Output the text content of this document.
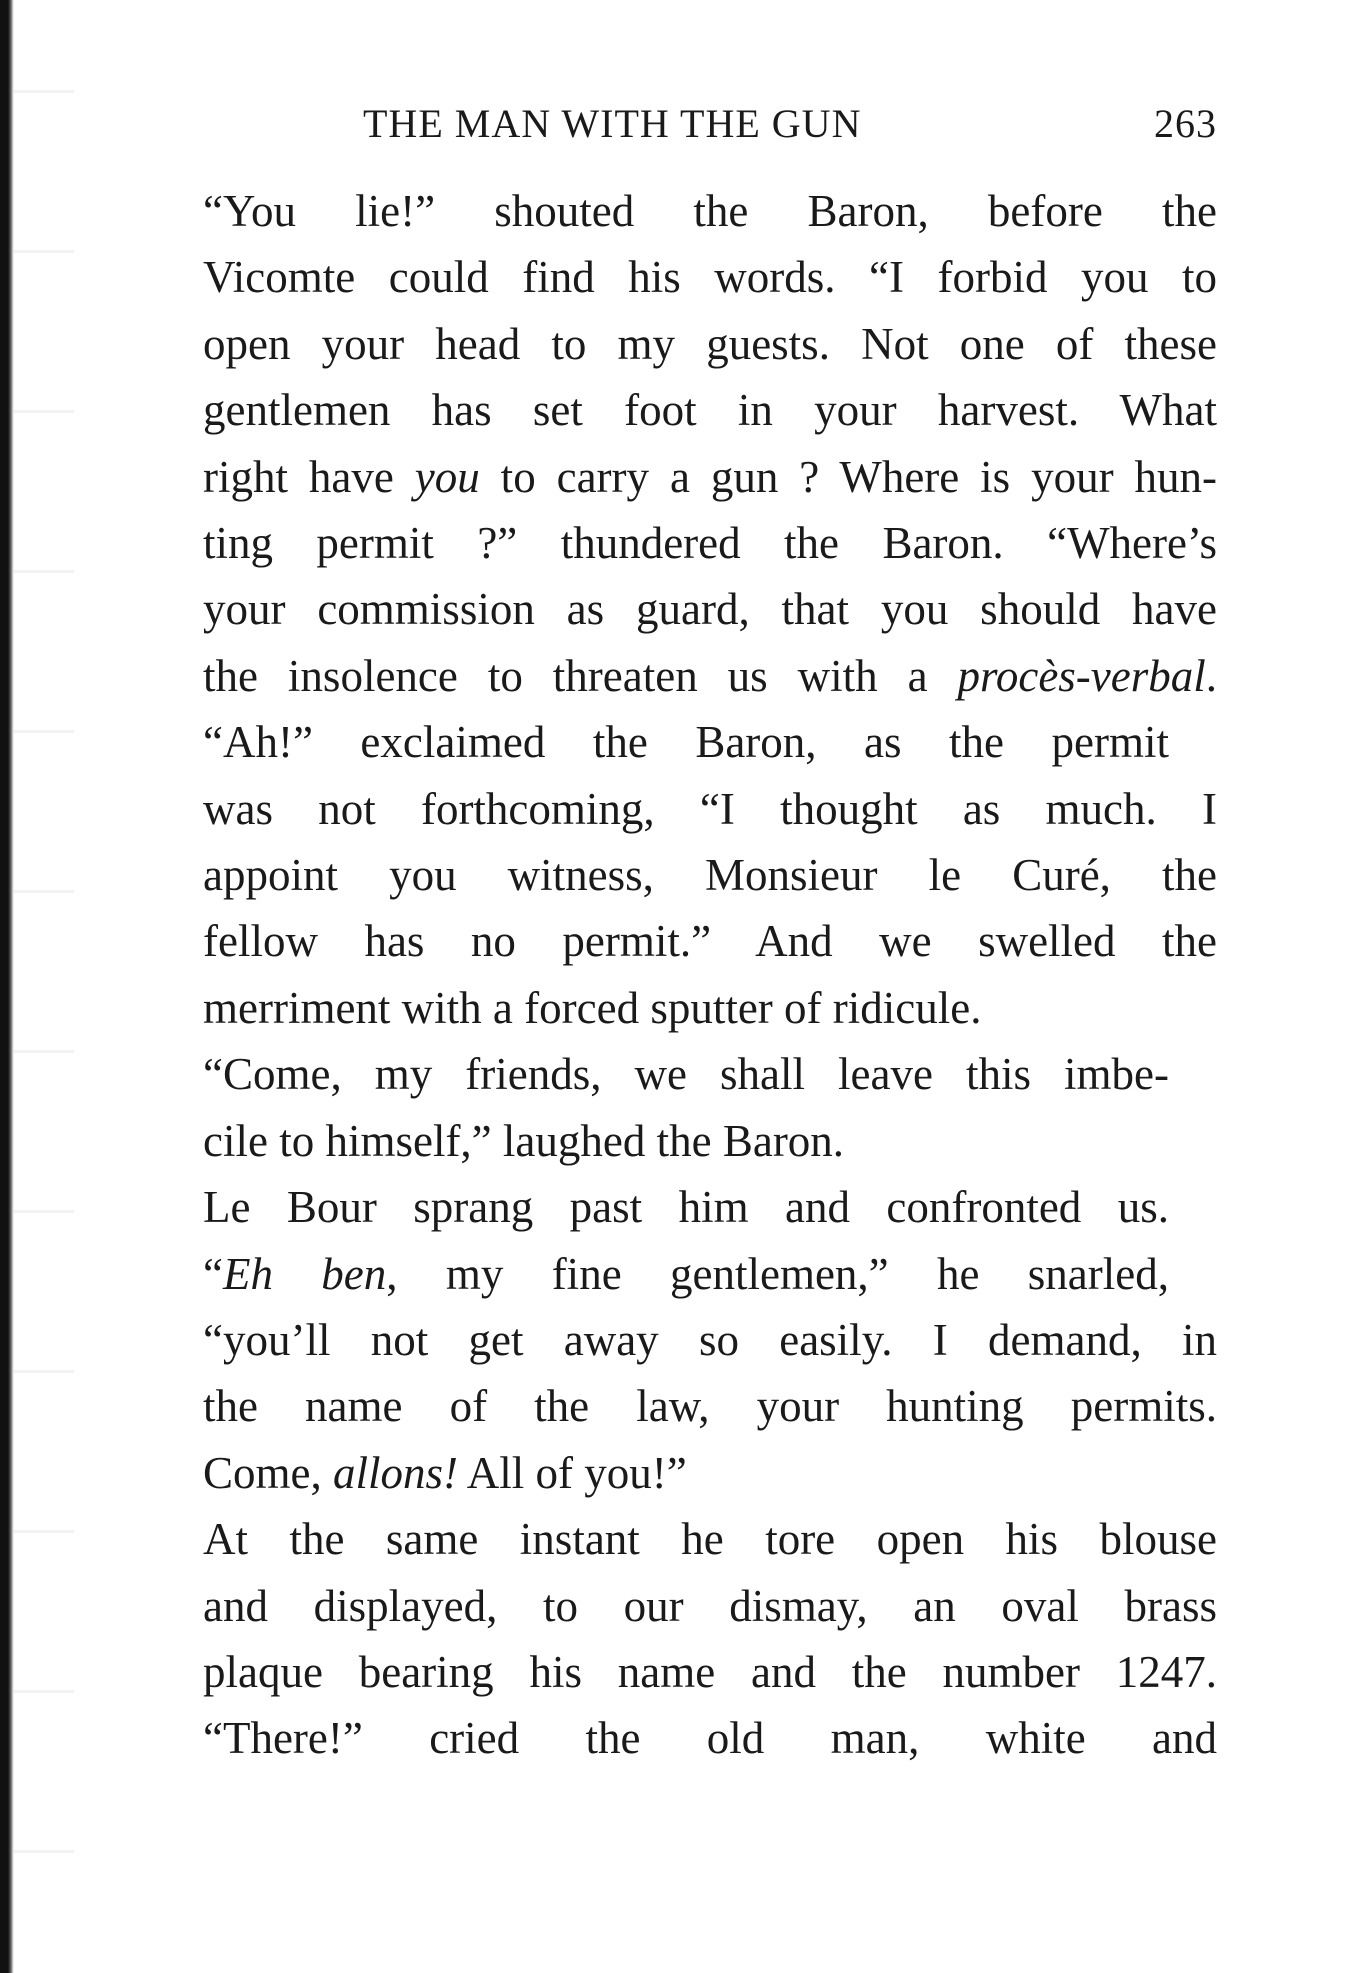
THE MAN WITH THE GUN	263

“You lie!” shouted the Baron, before the
Vicomte could find his words. “I forbid you to
open your head to my guests. Not one of these
gentlemen has set foot in your harvest. What
right have you to carry a gun ? Where is your hun-
ting permit ?” thundered the Baron. “Where’s
your commission as guard, that you should have
the insolence to threaten us with a procès-verbal.

“Ah!” exclaimed the Baron, as the permit
was not forthcoming, “I thought as much. I
appoint you witness, Monsieur le Curé, the
fellow has no permit.” And we swelled the
merriment with a forced sputter of ridicule.

“Come, my friends, we shall leave this imbe-
cile to himself,” laughed the Baron.

Le Bour sprang past him and confronted us.

“Eh ben, my fine gentlemen,” he snarled,
“you’ll not get away so easily. I demand, in
the name of the law, your hunting permits.
Come, allons! All of you!”

At the same instant he tore open his blouse
and displayed, to our dismay, an oval brass
plaque bearing his name and the number 1247.

“There!” cried the old man, white and
